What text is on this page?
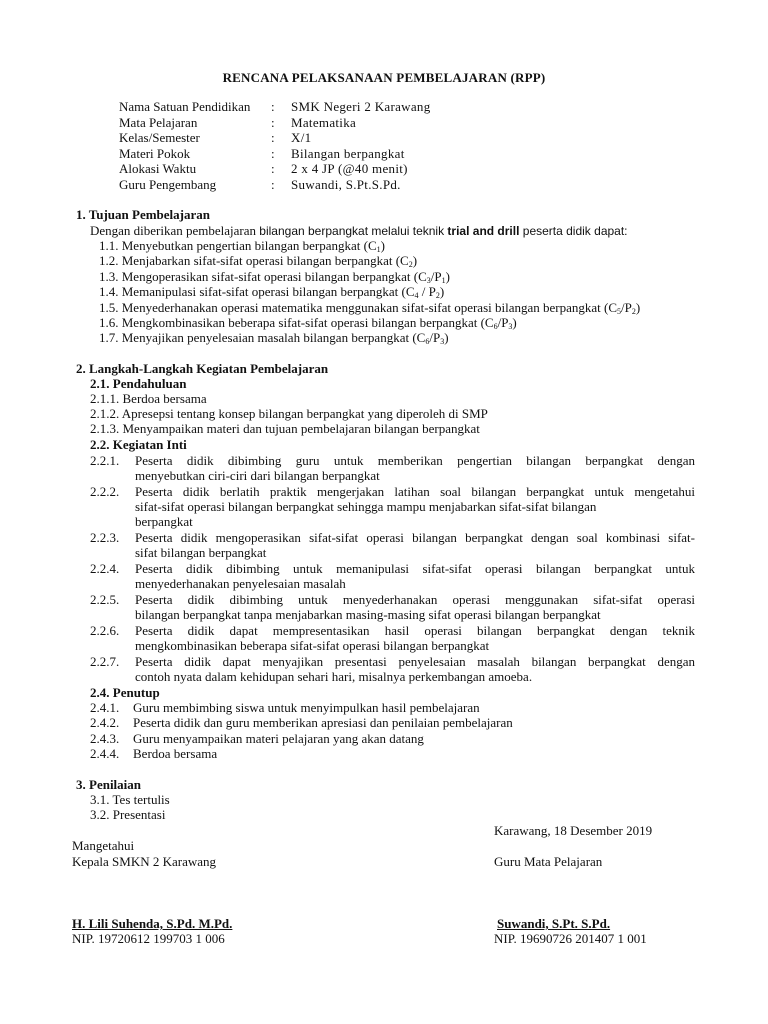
RENCANA PELAKSANAAN PEMBELAJARAN (RPP)
Nama Satuan Pendidikan	:	SMK Negeri 2 Karawang
Mata Pelajaran	:	Matematika
Kelas/Semester	:	X/1
Materi Pokok	:	Bilangan berpangkat
Alokasi Waktu	:	2 x 4 JP (@40 menit)
Guru Pengembang	:	Suwandi, S.Pt.S.Pd.
1. Tujuan Pembelajaran
Dengan diberikan pembelajaran bilangan berpangkat melalui teknik trial and drill peserta didik dapat:
1.1. Menyebutkan pengertian bilangan berpangkat $(C_1)$
1.2. Menjabarkan sifat-sifat operasi bilangan berpangkat $(C_2)$
1.3. Mengoperasikan sifat-sifat operasi bilangan berpangkat $(C_3/P_1)$
1.4. Memanipulasi sifat-sifat operasi bilangan berpangkat $(C_4 / P_2)$
1.5. Menyederhanakan operasi matematika menggunakan sifat-sifat operasi bilangan berpangkat $(C_5/P_2)$
1.6. Mengkombinasikan beberapa sifat-sifat operasi bilangan berpangkat $(C_6/P_3)$
1.7. Menyajikan penyelesaian masalah bilangan berpangkat $(C_6/P_3)$
2. Langkah-Langkah Kegiatan Pembelajaran
2.1. Pendahuluan
2.1.1. Berdoa bersama
2.1.2. Apresepsi tentang konsep bilangan berpangkat yang diperoleh di SMP
2.1.3. Menyampaikan materi dan tujuan pembelajaran bilangan berpangkat
2.2. Kegiatan Inti
2.2.1. Peserta didik dibimbing guru untuk memberikan pengertian bilangan berpangkat dengan
menyebutkan ciri-ciri dari bilangan berpangkat
2.2.2. Peserta didik berlatih praktik mengerjakan latihan soal bilangan berpangkat untuk mengetahui
sifat-sifat operasi bilangan berpangkat sehingga mampu menjabarkan sifat-sifat bilangan
berpangkat
2.2.3. Peserta didik mengoperasikan sifat-sifat operasi bilangan berpangkat dengan soal kombinasi sifat-
sifat bilangan berpangkat
2.2.4. Peserta didik dibimbing untuk memanipulasi sifat-sifat operasi bilangan berpangkat untuk
menyederhanakan penyelesaian masalah
2.2.5. Peserta didik dibimbing untuk menyederhanakan operasi menggunakan sifat-sifat operasi
bilangan berpangkat tanpa menjabarkan masing-masing sifat operasi bilangan berpangkat
2.2.6. Peserta didik dapat mempresentasikan hasil operasi bilangan berpangkat dengan teknik
mengkombinasikan beberapa sifat-sifat operasi bilangan berpangkat
2.2.7. Peserta didik dapat menyajikan presentasi penyelesaian masalah bilangan berpangkat dengan
contoh nyata dalam kehidupan sehari hari, misalnya perkembangan amoeba.
2.4. Penutup
2.4.1. Guru membimbing siswa untuk menyimpulkan hasil pembelajaran
2.4.2. Peserta didik dan guru memberikan apresiasi dan penilaian pembelajaran
2.4.3. Guru menyampaikan materi pelajaran yang akan datang
2.4.4. Berdoa bersama
3. Penilaian
3.1. Tes tertulis
3.2. Presentasi
Karawang, 18 Desember 2019
Mangetahui
Kepala SMKN 2 Karawang	Guru Mata Pelajaran
H. Lili Suhenda, S.Pd. M.Pd.
NIP. 19720612 199703 1 006
Suwandi, S.Pt. S.Pd.
NIP. 19690726 201407 1 001
